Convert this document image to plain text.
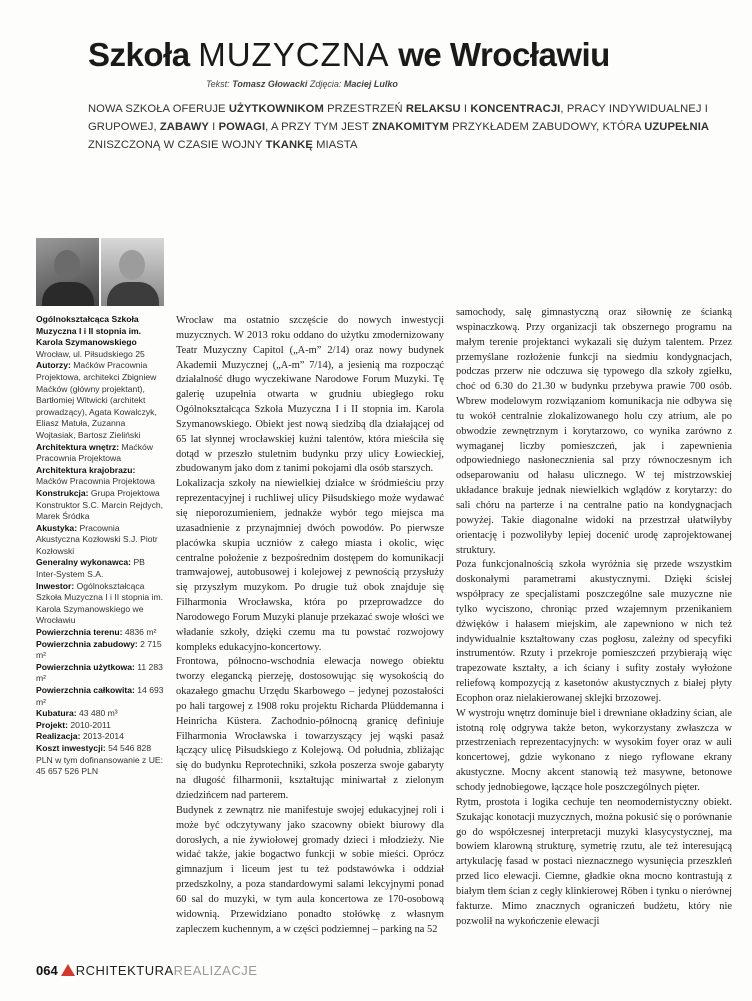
Szkoła MUZYCZNA we Wrocławiu
Tekst: Tomasz Głowacki Zdjęcia: Maciej Lulko
NOWA SZKOŁA OFERUJE UŻYTKOWNIKOM PRZESTRZEŃ RELAKSU I KONCENTRACJI, PRACY INDYWIDUALNEJ I GRUPOWEJ, ZABAWY I POWAGI, A PRZY TYM JEST ZNAKOMITYM PRZYKŁADEM ZABUDOWY, KTÓRA UZUPEŁNIA ZNISZCZONĄ W CZASIE WOJNY TKANKĘ MIASTA

Ogólnokształcąca Szkoła Muzyczna I i II stopnia im. Karola Szymanowskiego
Wrocław, ul. Piłsudskiego 25

Autorzy: Maćków Pracownia Projektowa, architekci Zbigniew Maćków (główny projektant), Bartłomiej Witwicki (architekt prowadzący), Agata Kowalczyk, Eliasz Matuła, Zuzanna Wojtasiak, Bartosz Zieliński

Architektura wnętrz: Maćków Pracownia Projektowa

Architektura krajobrazu: Maćków Pracownia Projektowa

Konstrukcja: Grupa Projektowa Konstruktor S.C. Marcin Rejdych, Marek Śródka

Akustyka: Pracownia Akustyczna Kozłowski S.J. Piotr Kozłowski

Generalny wykonawca: PB Inter-System S.A.

Inwestor: Ogólnokształcąca Szkoła Muzyczna I i II stopnia im. Karola Szymanowskiego we Wrocławiu

Powierzchnia terenu: 4836 m²

Powierzchnia zabudowy: 2 715 m²

Powierzchnia użytkowa: 11 283 m²

Powierzchnia całkowita: 14 693 m²

Kubatura: 43 480 m³

Projekt: 2010-2011

Realizacja: 2013-2014

Koszt inwestycji: 54 546 828 PLN w tym dofinansowanie z UE: 45 657 526 PLN

Wrocław ma ostatnio szczęście do nowych inwestycji muzycznych. W 2013 roku oddano do użytku zmodernizowany Teatr Muzyczny Capitol („A-m” 2/14) oraz nowy budynek Akademii Muzycznej („A-m” 7/14), a jesienią ma rozpocząć działalność długo wyczekiwane Narodowe Forum Muzyki. Tę galerię uzupełnia otwarta w grudniu ubiegłego roku Ogólnokształcąca Szkoła Muzyczna I i II stopnia im. Karola Szymanowskiego. Obiekt jest nową siedzibą dla działającej od 65 lat słynnej wrocławskiej kuźni talentów, która mieściła się dotąd w przeszło stuletnim budynku przy ulicy Łowieckiej, zbudowanym jako dom z tanimi pokojami dla osób starszych.

Lokalizacja szkoły na niewielkiej działce w śródmieściu przy reprezentacyjnej i ruchliwej ulicy Piłsudskiego może wydawać się nieporozumieniem, jednakże wybór tego miejsca ma uzasadnienie z przynajmniej dwóch powodów. Po pierwsze placówka skupia uczniów z całego miasta i okolic, więc centralne położenie z bezpośrednim dostępem do komunikacji tramwajowej, autobusowej i kolejowej z pewnością przysłuży się przyszłym muzykom. Po drugie tuż obok znajduje się Filharmonia Wrocławska, która po przeprowadzce do Narodowego Forum Muzyki planuje przekazać swoje włości we władanie szkoły, dzięki czemu ma tu powstać rozwojowy kompleks edukacyjno-koncertowy.

Frontowa, północno-wschodnia elewacja nowego obiektu tworzy elegancką pierzeję, dostosowując się wysokością do okazałego gmachu Urzędu Skarbowego – jedynej pozostałości po hali targowej z 1908 roku projektu Richarda Plüddemanna i Heinricha Küstera. Zachodnio-północną granicę definiuje Filharmonia Wrocławska i towarzyszący jej wąski pasaż łączący ulicę Piłsudskiego z Kolejową. Od południa, zbliżając się do budynku Reprotechniki, szkoła poszerza swoje gabaryty na długość filharmonii, kształtując miniwartał z zielonym dziedzińcem nad parterem.

Budynek z zewnątrz nie manifestuje swojej edukacyjnej roli i może być odczytywany jako szacowny obiekt biurowy dla dorosłych, a nie żywiołowej gromady dzieci i młodzieży. Nie widać także, jakie bogactwo funkcji w sobie mieści. Oprócz gimnazjum i liceum jest tu też podstawówka i oddział przedszkolny, a poza standardowymi salami lekcyjnymi ponad 60 sal do muzyki, w tym aula koncertowa ze 170-osobową widownią. Przewidziano ponadto stołówkę z własnym zapleczem kuchennym, a w części podziemnej – parking na 52

samochody, salę gimnastyczną oraz siłownię ze ścianką wspinaczkową. Przy organizacji tak obszernego programu na małym terenie projektanci wykazali się dużym talentem. Przez przemyślane rozłożenie funkcji na siedmiu kondygnacjach, podczas przerw nie odczuwa się typowego dla szkoły zgiełku, choć od 6.30 do 21.30 w budynku przebywa prawie 700 osób. Wbrew modelowym rozwiązaniom komunikacja nie odbywa się tu wokół centralnie zlokalizowanego holu czy atrium, ale po obwodzie zewnętrznym i korytarzowo, co wynika zarówno z wymaganej liczby pomieszczeń, jak i zapewnienia odpowiedniego nasłonecznienia sal przy równoczesnym ich odseparowaniu od hałasu ulicznego. W tej mistrzowskiej układance brakuje jednak niewielkich wglądów z korytarzy: do sali chóru na parterze i na centralne patio na kondygnacjach powyżej. Takie diagonalne widoki na przestrzał ułatwiłyby orientację i pozwoliłyby lepiej docenić urodę zaprojektowanej struktury.

Poza funkcjonalnością szkoła wyróżnia się przede wszystkim doskonałymi parametrami akustycznymi. Dzięki ścisłej współpracy ze specjalistami poszczególne sale muzyczne nie tylko wyciszono, chroniąc przed wzajemnym przenikaniem dźwięków i hałasem miejskim, ale zapewniono w nich też indywidualnie kształtowany czas pogłosu, zależny od specyfiki instrumentów. Rzuty i przekroje pomieszczeń przybierają więc trapezowate kształty, a ich ściany i sufity zostały wyłożone reliefową kompozycją z kasetonów akustycznych z białej płyty Ecophon oraz nielakierowanej sklejki brzozowej.

W wystroju wnętrz dominuje biel i drewniane okładziny ścian, ale istotną rolę odgrywa także beton, wykorzystany zwłaszcza w przestrzeniach reprezentacyjnych: w wysokim foyer oraz w auli koncertowej, gdzie wykonano z niego ryflowane ekrany akustyczne. Mocny akcent stanowią też masywne, betonowe schody jednobiegowe, łączące hole poszczególnych pięter.

Rytm, prostota i logika cechuje ten neomodernistyczny obiekt. Szukając konotacji muzycznych, można pokusić się o porównanie go do współczesnej interpretacji muzyki klasycystycznej, ma bowiem klarowną strukturę, symetrię rzutu, ale też interesującą artykulację fasad w postaci nieznacznego wysunięcia przeszkleń przed lico elewacji. Ciemne, gładkie okna mocno kontrastują z białym tłem ścian z cegły klinkierowej Röben i tynku o nierównej fakturze. Mimo znacznych ograniczeń budżetu, który nie pozwolił na wykończenie elewacji

064 RCHITEKTURAREALIZACJE
